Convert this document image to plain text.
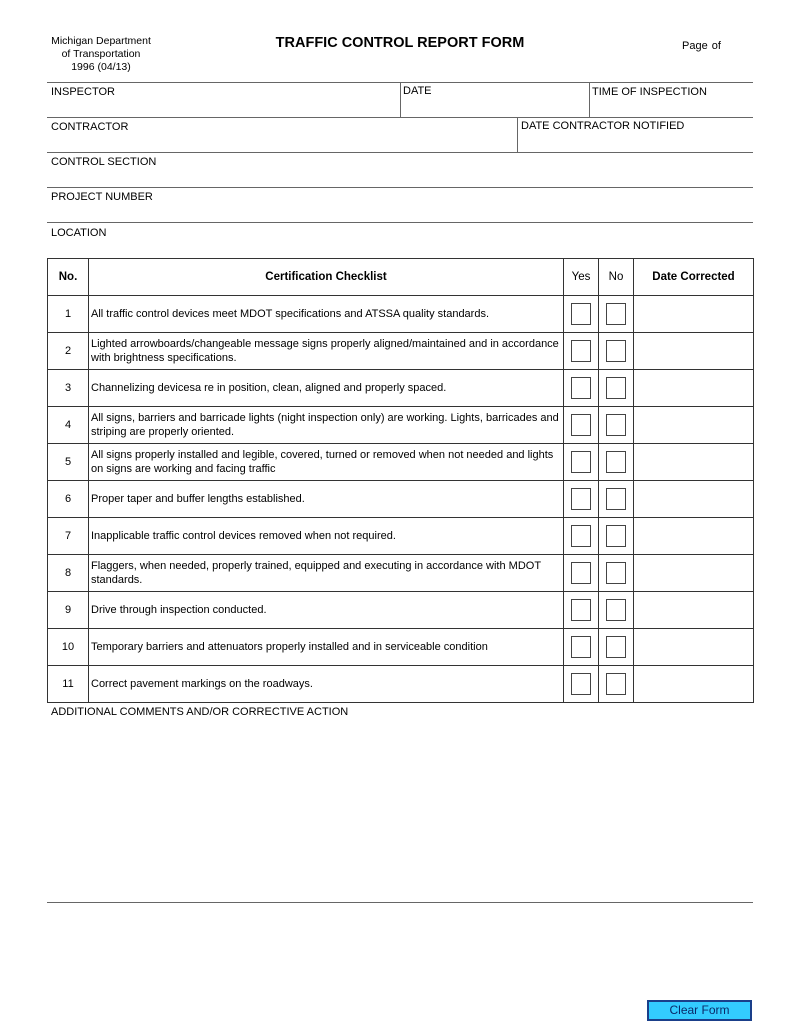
Michigan Department
of Transportation
1996 (04/13)
TRAFFIC CONTROL REPORT FORM	Page of
INSPECTOR	DATE	TIME OF INSPECTION
CONTRACTOR	DATE CONTRACTOR NOTIFIED
CONTROL SECTION
PROJECT NUMBER
LOCATION
No.	Certification Checklist	Yes	No	Date Corrected
1	All traffic control devices meet MDOT specifications and ATSSA quality standards.			
2	Lighted arrowboards/changeable message signs properly aligned/maintained and in accordance with brightness specifications.			
3	Channelizing devicesa re in position, clean, aligned and properly spaced.			
4	All signs, barriers and barricade lights (night inspection only) are working. Lights, barricades and striping are properly oriented.			
5	All signs properly installed and legible, covered, turned or removed when not needed and lights on signs are working and facing traffic			
6	Proper taper and buffer lengths established.			
7	Inapplicable traffic control devices removed when not required.			
8	Flaggers, when needed, properly trained, equipped and executing in accordance with MDOT standards.			
9	Drive through inspection conducted.			
10	Temporary barriers and attenuators properly installed and in serviceable condition			
11	Correct pavement markings on the roadways.			
ADDITIONAL COMMENTS AND/OR CORRECTIVE ACTION
Clear Form
